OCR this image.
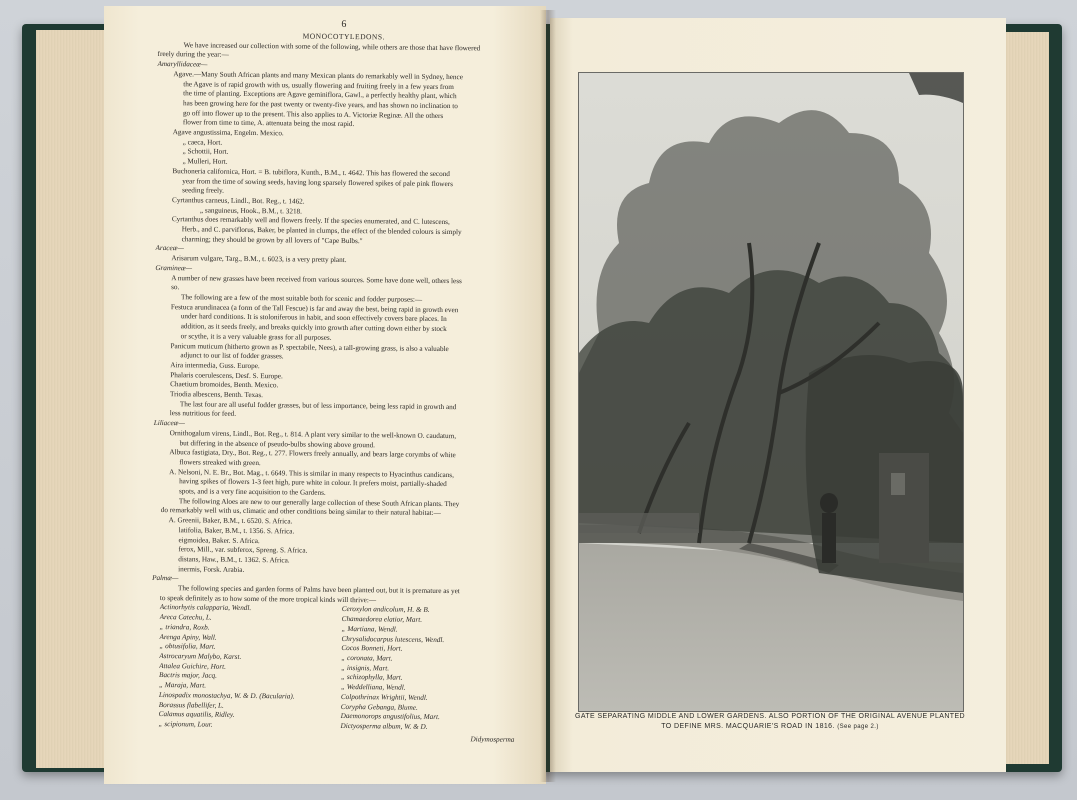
6
MONOCOTYLEDONS.
We have increased our collection with some of the following, while others are those that have flowered
freely during the year:—
Amaryllidaceæ—
Agave.—Many South African plants and many Mexican plants do remarkably well in Sydney, hence
the Agave is of rapid growth with us, usually flowering and fruiting freely in a few years from
the time of planting. Exceptions are Agave geminiflora, Gawl., a perfectly healthy plant, which
has been growing here for the past twenty or twenty-five years, and has shown no inclination to
go off into flower up to the present. This also applies to A. Victoriæ Reginæ. All the others
flower from time to time, A. attenuata being the most rapid.
Agave angustissima, Engelm. Mexico.
„ caeca, Hort.
„ Schottii, Hort.
„ Mulleri, Hort.
Buchoneria californica, Hort. = B. tubiflora, Kunth., B.M., t. 4642. This has flowered the second
year from the time of sowing seeds, having long sparsely flowered spikes of pale pink flowers
seeding freely.
Cyrtanthus carneus, Lindl., Bot. Reg., t. 1462.
„ sanguineus, Hook., B.M., t. 3218.
Cyrtanthus does remarkably well and flowers freely. If the species enumerated, and C. lutescens,
Herb., and C. parviflorus, Baker, be planted in clumps, the effect of the blended colours is simply
charming; they should be grown by all lovers of "Cape Bulbs."
Araceæ—
Arisarum vulgare, Targ., B.M., t. 6023, is a very pretty plant.
Gramineæ—
A number of new grasses have been received from various sources. Some have done well, others less
so.
The following are a few of the most suitable both for scenic and fodder purposes:—
Festuca arundinacea (a form of the Tall Fescue) is far and away the best, being rapid in growth even
under hard conditions. It is stoloniferous in habit, and soon effectively covers bare places. In
addition, as it seeds freely, and breaks quickly into growth after cutting down either by stock
or scythe, it is a very valuable grass for all purposes.
Panicum muticum (hitherto grown as P. spectabile, Nees), a tall-growing grass, is also a valuable
adjunct to our list of fodder grasses.
Aira intermedia, Guss. Europe.
Phalaris coerulescens, Desf. S. Europe.
Chaetium bromoides, Benth. Mexico.
Triodia albescens, Benth. Texas.
The last four are all useful fodder grasses, but of less importance, being less rapid in growth and
less nutritious for feed.
Liliaceæ—
Ornithogalum virens, Lindl., Bot. Reg., t. 814. A plant very similar to the well-known O. caudatum,
but differing in the absence of pseudo-bulbs showing above ground.
Albuca fastigiata, Dry., Bot. Reg., t. 277. Flowers freely annually, and bears large corymbs of white
flowers streaked with green.
A. Nelsoni, N. E. Br., Bot. Mag., t. 6649. This is similar in many respects to Hyacinthus candicans,
having spikes of flowers 1-3 feet high, pure white in colour. It prefers moist, partially-shaded
spots, and is a very fine acquisition to the Gardens.
The following Aloes are new to our generally large collection of these South African plants. They
do remarkably well with us, climatic and other conditions being similar to their natural habitat:—
A. Greenii, Baker, B.M., t. 6520. S. Africa.
latifolia, Baker, B.M., t. 1356. S. Africa.
eigmoidea, Baker. S. Africa.
ferox, Mill., var. subferox, Spreng. S. Africa.
distans, Haw., B.M., t. 1362. S. Africa.
inermis, Forsk. Arabia.
Palmæ—
The following species and garden forms of Palms have been planted out, but it is premature as yet
to speak definitely as to how some of the more tropical kinds will thrive:—
Actinorhytis calapparia, Wendl.
Areca Catechu, L.
„ triandra, Roxb.
Arenga Apiny, Wall.
„ obtusifolia, Mart.
Astrocaryum Malybo, Karst.
Attalea Guichire, Hort.
Bactris major, Jacq.
„ Maraja, Mart.
Linospadix monostachya, W. & D. (Bacularia).
Borassus flabellifer, L.
Calamus aquatilis, Ridley.
„ scipionum, Lour.
Ceroxylon andicolum, H. & B.
Chamaedorea elatior, Mart.
„ Martiana, Wendl.
Chrysalidocarpus lutescens, Wendl.
Cocos Bonneti, Hort.
„ coronata, Mart.
„ insignis, Mart.
„ schizophylla, Mart.
„ Weddelliana, Wendl.
Colpothrinax Wrightii, Wendl.
Corypha Gebanga, Blume.
Daemonorops angustifolius, Mart.
Dictyosperma album, W. & D.
Didymosperma
GATE SEPARATING MIDDLE AND LOWER GARDENS. ALSO PORTION OF THE ORIGINAL AVENUE PLANTED
TO DEFINE MRS. MACQUARIE'S ROAD IN 1816. (See page 2.)
